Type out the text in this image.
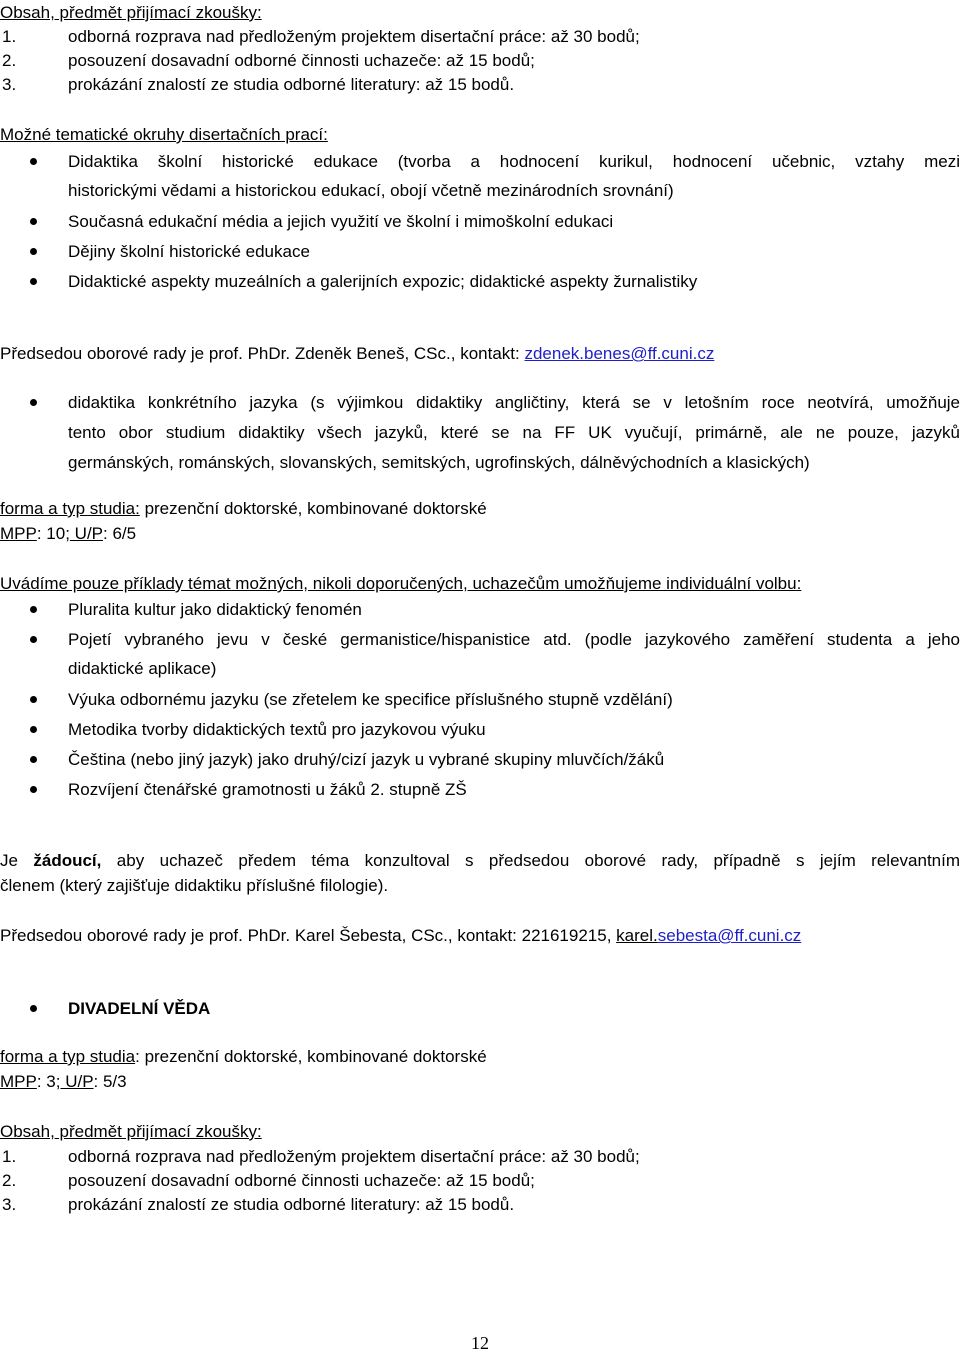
Obsah, předmět přijímací zkoušky:
1.	odborná rozprava nad předloženým projektem disertační práce: až 30 bodů;
2.	posouzení dosavadní odborné činnosti uchazeče: až 15 bodů;
3.	prokázání znalostí ze studia odborné literatury: až 15 bodů.
Možné tematické okruhy disertačních prací:
Didaktika školní historické edukace (tvorba a hodnocení kurikul, hodnocení učebnic, vztahy mezi
historickými vědami a historickou edukací, obojí včetně mezinárodních srovnání)
Současná edukační média a jejich využití ve školní i mimoškolní edukaci
Dějiny školní historické edukace
Didaktické aspekty muzeálních a galerijních expozic; didaktické aspekty žurnalistiky
Předsedou oborové rady je prof. PhDr. Zdeněk Beneš, CSc., kontakt: zdenek.benes@ff.cuni.cz
didaktika konkrétního jazyka (s výjimkou didaktiky angličtiny, která se v letošním roce neotvírá, umožňuje
tento obor studium didaktiky všech jazyků, které se na FF UK vyučují, primárně, ale ne pouze, jazyků
germánských, románských, slovanských, semitských, ugrofinských, dálněvýchodních a klasických)
forma a typ studia: prezenční doktorské, kombinované doktorské
MPP: 10; U/P: 6/5
Uvádíme pouze příklady témat možných, nikoli doporučených, uchazečům umožňujeme individuální volbu:
Pluralita kultur jako didaktický fenomén
Pojetí vybraného jevu v české germanistice/hispanistice atd. (podle jazykového zaměření studenta a jeho
didaktické aplikace)
Výuka odbornému jazyku (se zřetelem ke specifice příslušného stupně vzdělání)
Metodika tvorby didaktických textů pro jazykovou výuku
Čeština (nebo jiný jazyk) jako druhý/cizí jazyk u vybrané skupiny mluvčích/žáků
Rozvíjení čtenářské gramotnosti u žáků 2. stupně ZŠ
Je žádoucí, aby uchazeč předem téma konzultoval s předsedou oborové rady, případně s jejím relevantním
členem (který zajišťuje didaktiku příslušné filologie).
Předsedou oborové rady je prof. PhDr. Karel Šebesta, CSc., kontakt: 221619215, karel.sebesta@ff.cuni.cz
DIVADELNÍ VĚDA
forma a typ studia: prezenční doktorské, kombinované doktorské
MPP: 3; U/P: 5/3
Obsah, předmět přijímací zkoušky:
1.	odborná rozprava nad předloženým projektem disertační práce: až 30 bodů;
2.	posouzení dosavadní odborné činnosti uchazeče: až 15 bodů;
3.	prokázání znalostí ze studia odborné literatury: až 15 bodů.
12
